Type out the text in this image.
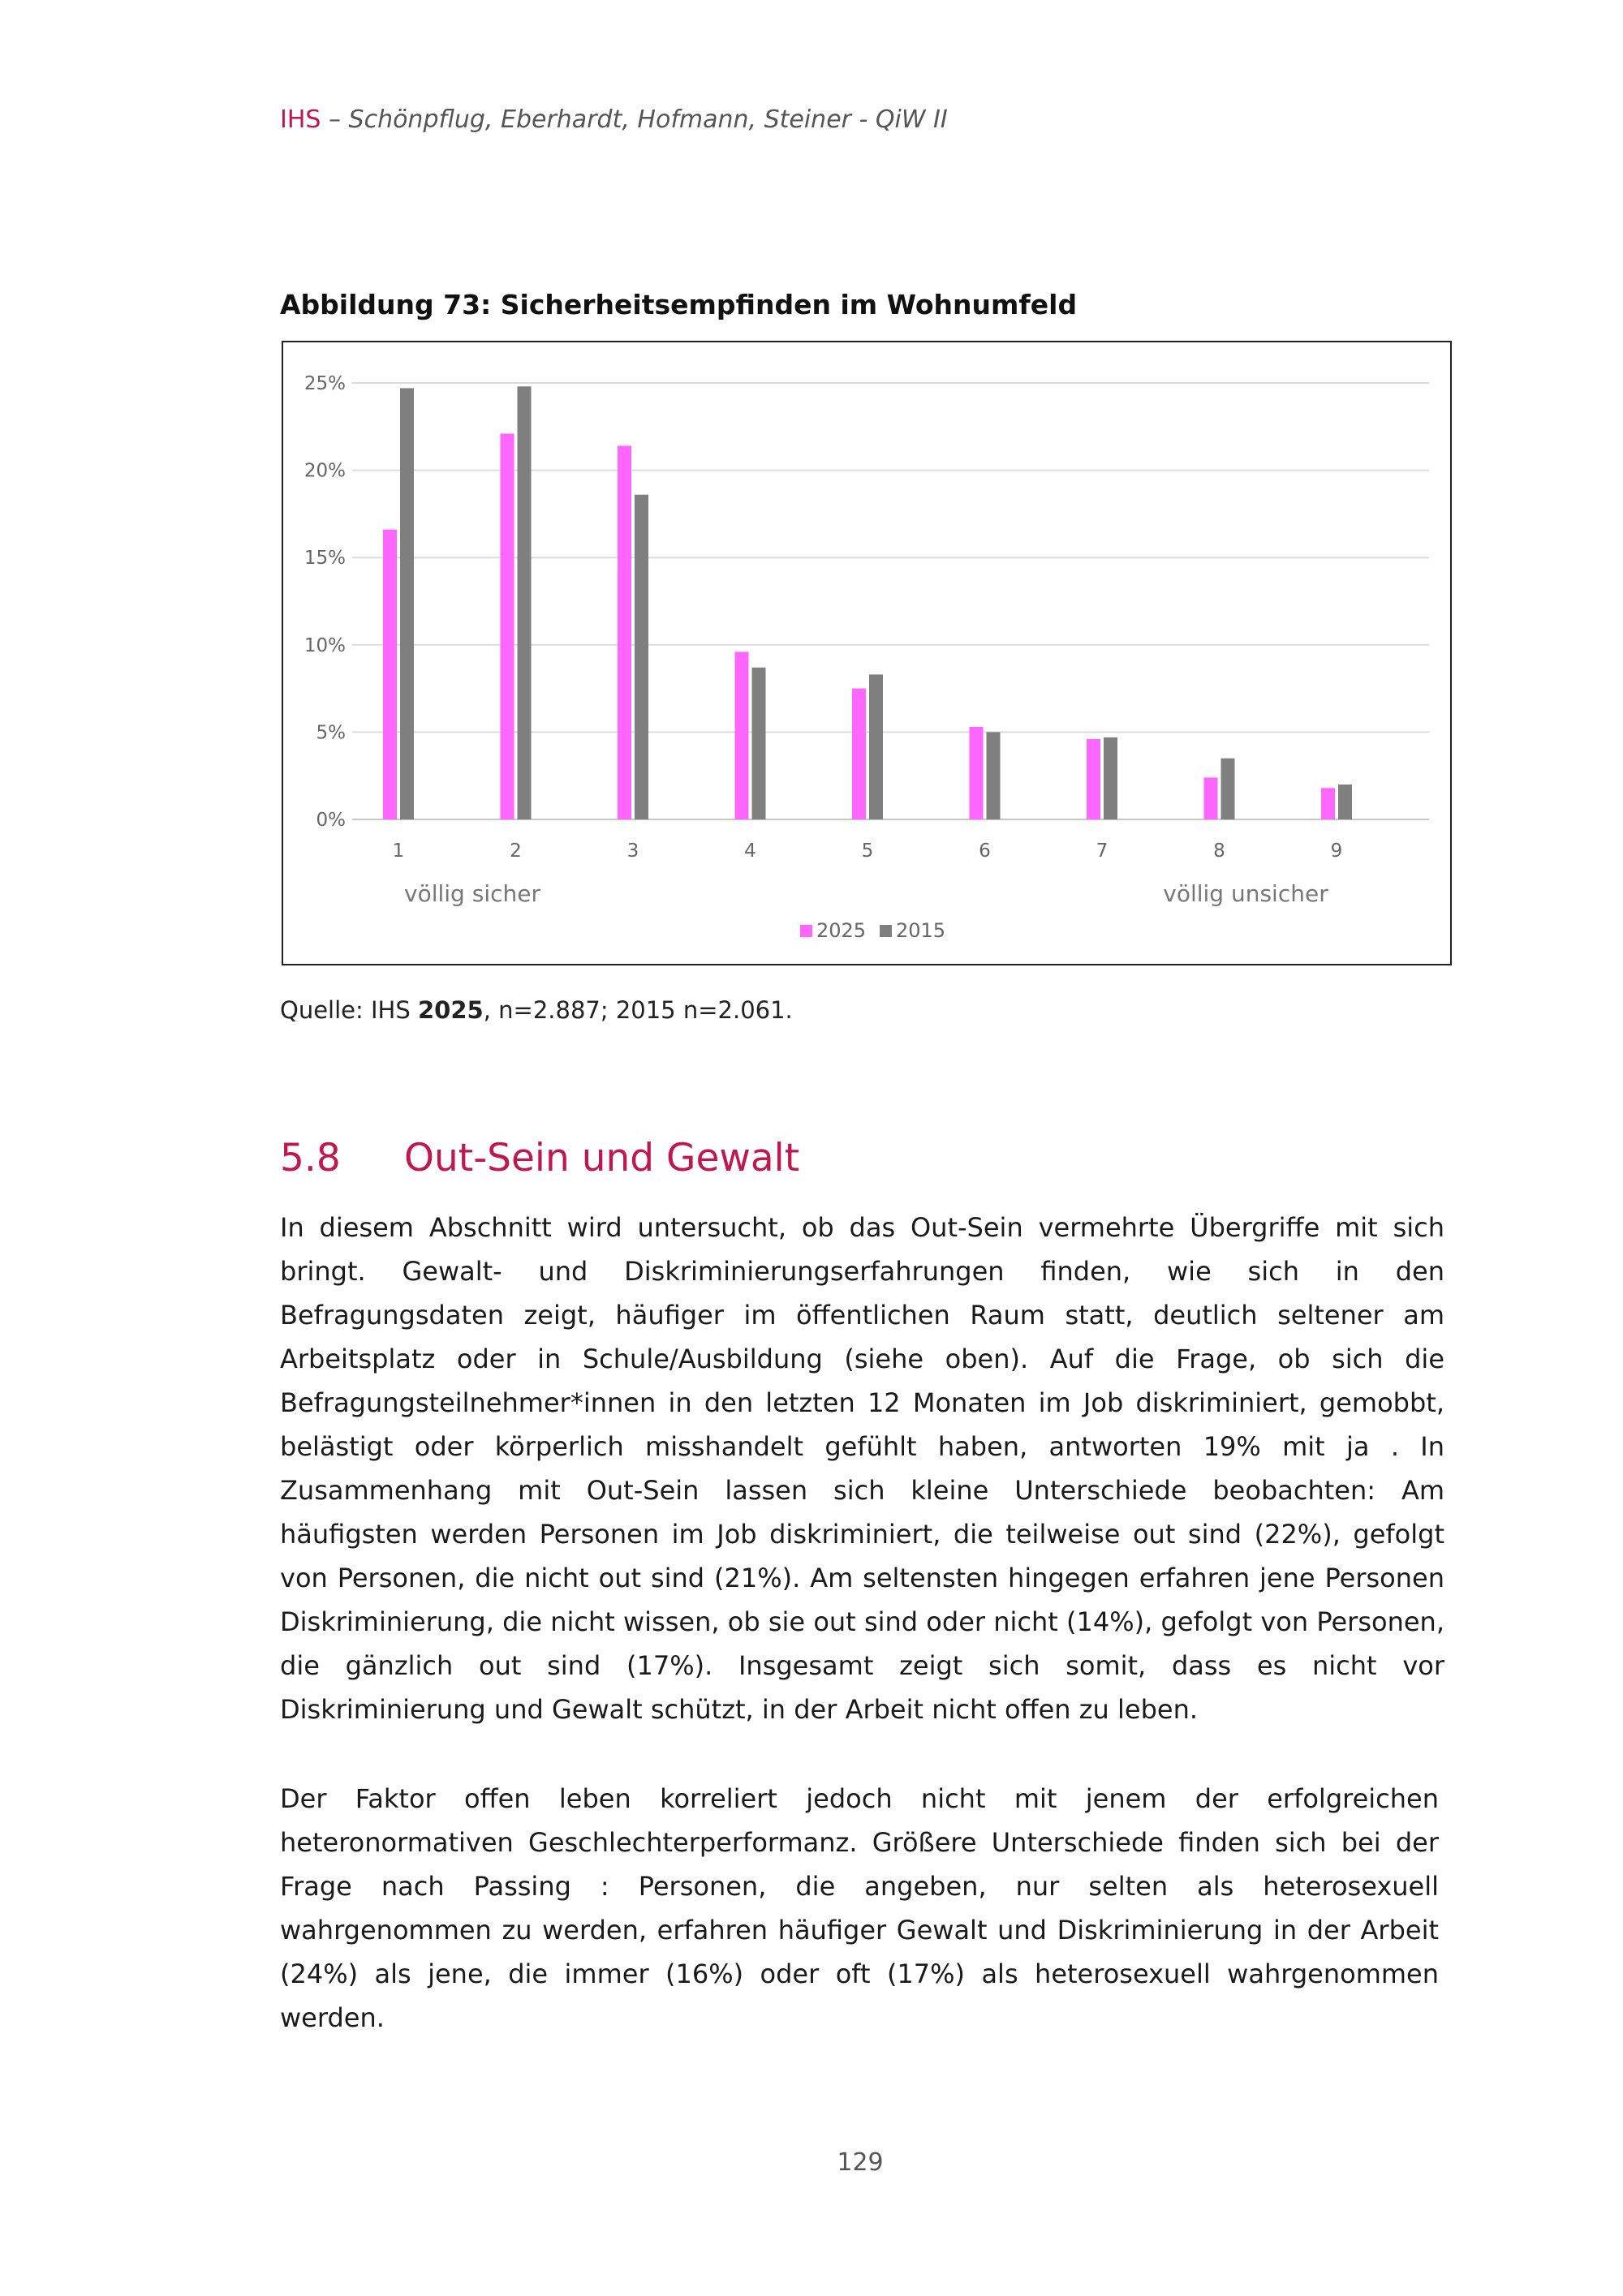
IHS – Schönpflug, Eberhardt, Hofmann, Steiner - QiW II
Abbildung 73: Sicherheitsempfinden im Wohnumfeld
0%
5%
10%
15%
20%
25%
1	2	3	4	5	6	7	8	9
völlig sicher	völlig unsicher
2025 2015
Quelle: IHS 2025, n=2.887; 2015 n=2.061.
5.8 Out-Sein und Gewalt

In diesem Abschnitt wird untersucht, ob das Out-Sein vermehrte Übergriffe mit sich bringt. Gewalt- und Diskriminierungserfahrungen finden, wie sich in den Befragungsdaten zeigt, häufiger im öffentlichen Raum statt, deutlich seltener am Arbeitsplatz oder in Schule/Ausbildung (siehe oben). Auf die Frage, ob sich die Befragungsteilnehmer*innen in den letzten 12 Monaten im Job diskriminiert, gemobbt, belästigt oder körperlich misshandelt gefühlt haben, antworten 19% mit ja . In Zusammenhang mit Out-Sein lassen sich kleine Unterschiede beobachten: Am häufigsten werden Personen im Job diskriminiert, die teilweise out sind (22%), gefolgt von Personen, die nicht out sind (21%). Am seltensten hingegen erfahren jene Personen Diskriminierung, die nicht wissen, ob sie out sind oder nicht (14%), gefolgt von Personen, die gänzlich out sind (17%). Insgesamt zeigt sich somit, dass es nicht vor Diskriminierung und Gewalt schützt, in der Arbeit nicht offen zu leben.

Der Faktor offen leben korreliert jedoch nicht mit jenem der erfolgreichen heteronormativen Geschlechterperformanz. Größere Unterschiede finden sich bei der Frage nach Passing : Personen, die angeben, nur selten als heterosexuell wahrgenommen zu werden, erfahren häufiger Gewalt und Diskriminierung in der Arbeit (24%) als jene, die immer (16%) oder oft (17%) als heterosexuell wahrgenommen werden.

129
